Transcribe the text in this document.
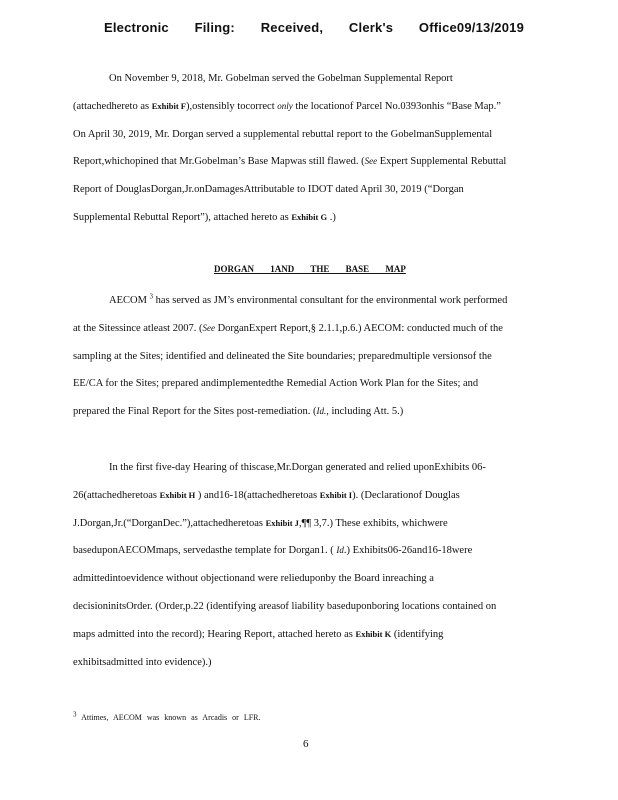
Electronic Filing: Received, Clerk's Office09/13/2019

On November 9, 2018, Mr. Gobelman served the Gobelman Supplemental Report (attachedhereto as Exhibit F),ostensibly tocorrect only the locationof Parcel No.0393onhis “Base Map.” On April 30, 2019, Mr. Dorgan served a supplemental rebuttal report to the GobelmanSupplemental Report,whichopined that Mr.Gobelman’s Base Mapwas still flawed. (See Expert Supplemental Rebuttal Report of DouglasDorgan,Jr.onDamagesAttributable to IDOT dated April 30, 2019 (“Dorgan Supplemental Rebuttal Report”), attached hereto as Exhibit G .)

DORGAN 1AND THE BASE MAP

AECOM $^3$ has served as JM’s environmental consultant for the environmental work performed at the Sitessince atleast 2007. (See DorganExpert Report,§ 2.1.1,p.6.) AECOM: conducted much of the sampling at the Sites; identified and delineated the Site boundaries; preparedmultiple versionsof the EE/CA for the Sites; prepared andimplementedthe Remedial Action Work Plan for the Sites; and prepared the Final Report for the Sites post-remediation. (Id., including Att. 5.)

In the first five-day Hearing of thiscase,Mr.Dorgan generated and relied uponExhibits 06-26(attachedheretoas Exhibit H ) and16-18(attachedheretoas Exhibit I). (Declarationof Douglas J.Dorgan,Jr.(“DorganDec.”),attachedheretoas Exhibit J,¶¶ 3,7.) These exhibits, whichwere baseduponAECOMmaps, servedasthe template for Dorgan1. ( Id.) Exhibits06-26and16-18were admittedintoevidence without objectionand were relieduponby the Board inreaching a decisioninitsOrder. (Order,p.22 (identifying areasof liability baseduponboring locations contained on maps admitted into the record); Hearing Report, attached hereto as Exhibit K (identifying exhibitsadmitted into evidence).)

$^3$ Attimes, AECOM was known as Arcadis or LFR.
6
